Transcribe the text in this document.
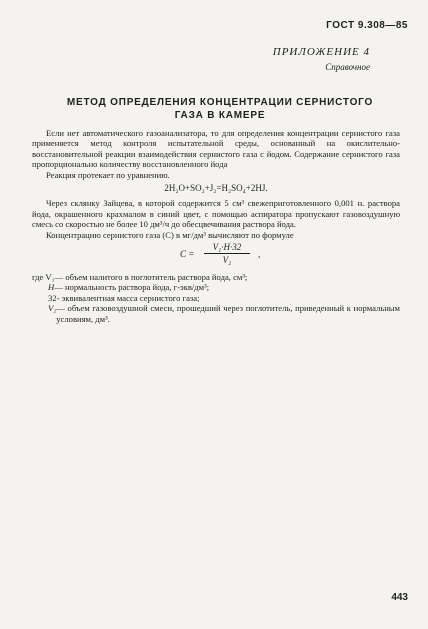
ГОСТ 9.308—85
ПРИЛОЖЕНИЕ 4
Справочное
МЕТОД ОПРЕДЕЛЕНИЯ КОНЦЕНТРАЦИИ СЕРНИСТОГО
ГАЗА В КАМЕРЕ

Если нет автоматического газоанализатора, то для определения концентрации сернистого газа применяется метод контроля испытательной среды, основанный на окислительно-восстановительной реакции взаимодействия сернистого газа с йодом. Содержание сернистого газа пропорционально количеству восстановленного йода

Реакция протекает по уравнению.

2H₂O+SO₂+J₂=H₂SO₄+2HJ.

Через склянку Зайцева, в которой содержится 5 см³ свежеприготовленного 0,001 н. раствора йода, окрашенного крахмалом в синий цвет, с помощью аспиратора пропускают газовоздушную смесь со скоростью не более 10 дм³/ч до обесцвечивания раствора йода.

Концентрацию сернистого газа (C) в мг/дм³ вычисляют по формуле

$C = \frac{\text{V₁·H·32}}{\text{V₂}}$ ,
где V₁ — объем налитого в поглотитель раствора йода, см³;
H — нормальность раствора йода, г-экв/дм³;
32 - эквивалентная масса сернистого газа;
V₂ — объем газовоздушной смеси, прошедший через поглотитель, приведенный к нормальным условиям, дм³.
443
